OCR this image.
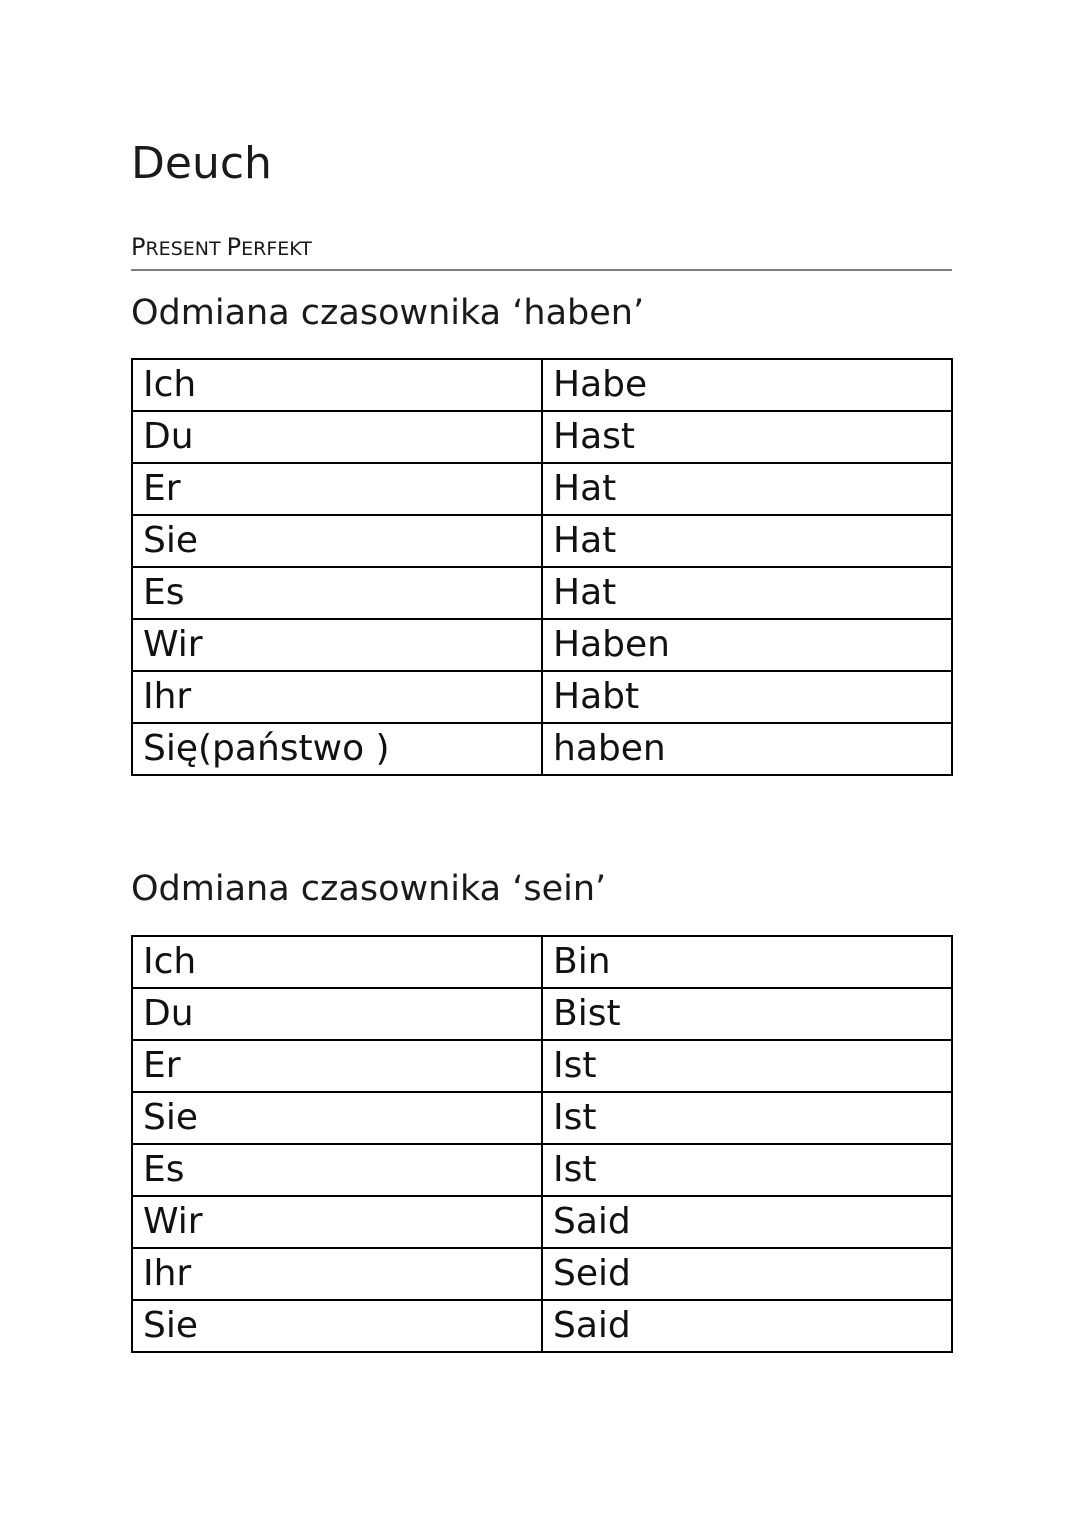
Deuch
PRESENT PERFEKT
Odmiana czasownika ‘haben’
Ich	Habe
Du	Hast
Er	Hat
Sie	Hat
Es	Hat
Wir	Haben
Ihr	Habt
Się(państwo )	haben
Odmiana czasownika ‘sein’
Ich	Bin
Du	Bist
Er	Ist
Sie	Ist
Es	Ist
Wir	Said
Ihr	Seid
Sie	Said
